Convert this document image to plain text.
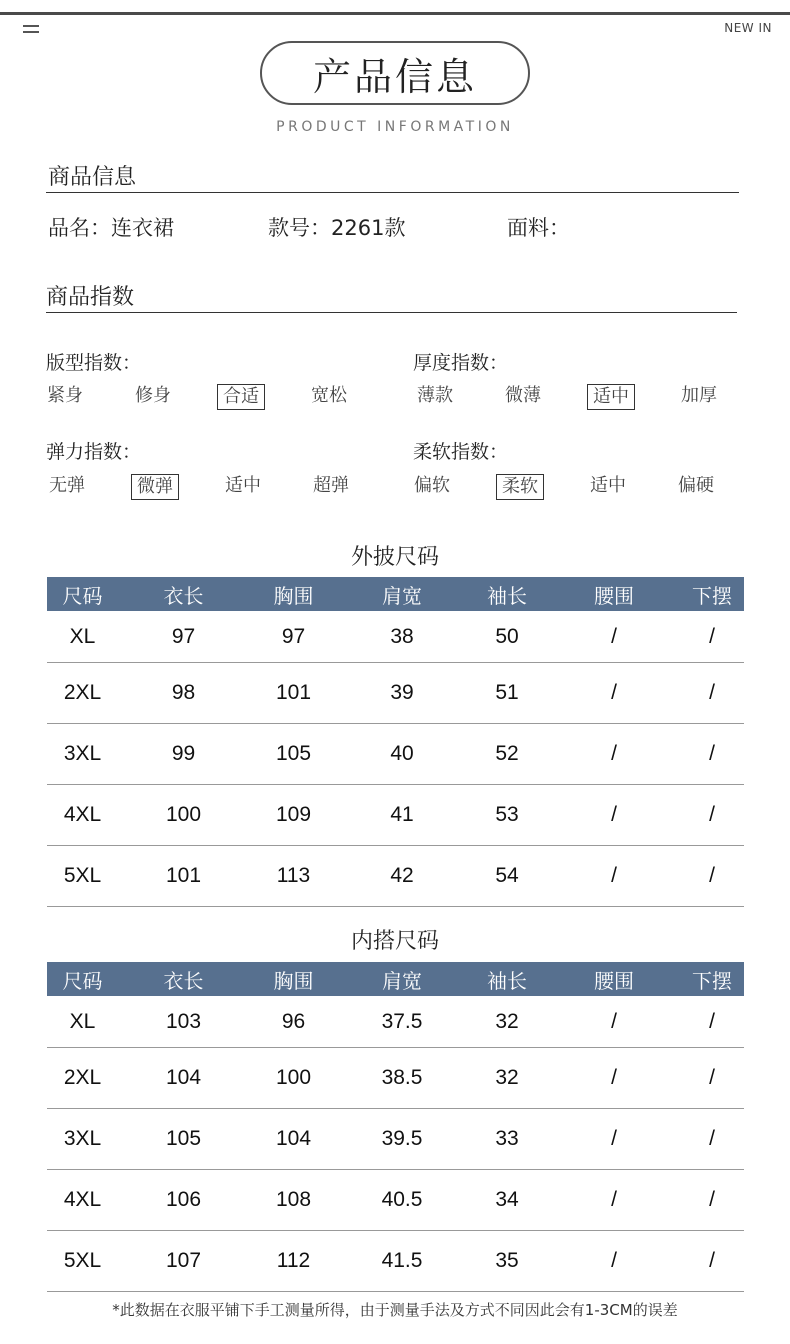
NEW IN
产品信息
PRODUCT INFORMATION
商品信息
品名：连衣裙	款号：2261款	面料：
商品指数
版型指数：
紧身	修身	合适	宽松
厚度指数：
薄款	微薄	适中	加厚
弹力指数：
无弹	微弹	适中	超弹
柔软指数：
偏软	柔软	适中	偏硬
外披尺码
尺码	衣长	胸围	肩宽	袖长	腰围	下摆
XL	97	97	38	50	/	/
2XL	98	101	39	51	/	/
3XL	99	105	40	52	/	/
4XL	100	109	41	53	/	/
5XL	101	113	42	54	/	/
内搭尺码
尺码	衣长	胸围	肩宽	袖长	腰围	下摆
XL	103	96	37.5	32	/	/
2XL	104	100	38.5	32	/	/
3XL	105	104	39.5	33	/	/
4XL	106	108	40.5	34	/	/
5XL	107	112	41.5	35	/	/
*此数据在衣服平铺下手工测量所得，由于测量手法及方式不同因此会有1-3CM的误差
